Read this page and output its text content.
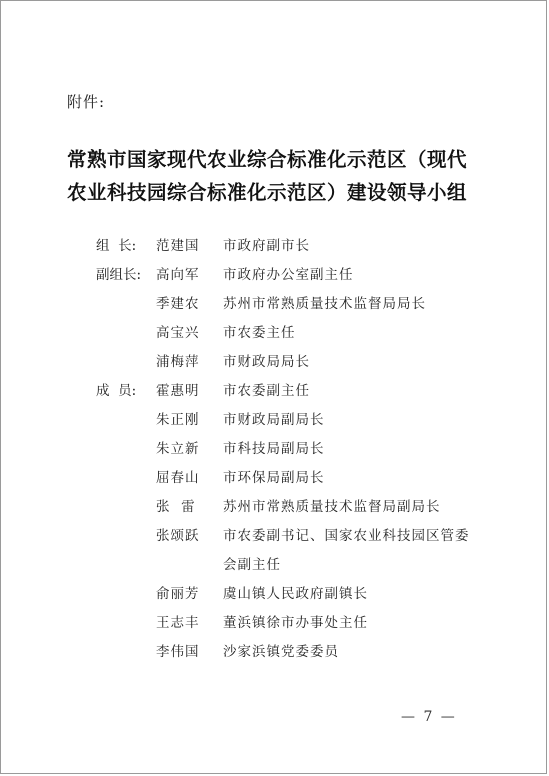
附件:
常熟市国家现代农业综合标准化示范区（现代
农业科技园综合标准化示范区）建设领导小组
组  长:	范建国	市政府副市长
副组长:	高向军	市政府办公室副主任
季建农	苏州市常熟质量技术监督局局长
高宝兴	市农委主任
浦梅萍	市财政局局长
成  员:	霍惠明	市农委副主任
朱正刚	市财政局副局长
朱立新	市科技局副局长
屈春山	市环保局副局长
张  雷	苏州市常熟质量技术监督局副局长
张颂跃	市农委副书记、国家农业科技园区管委会副主任
俞丽芳	虞山镇人民政府副镇长
王志丰	董浜镇徐市办事处主任
李伟国	沙家浜镇党委委员
— 7 —
